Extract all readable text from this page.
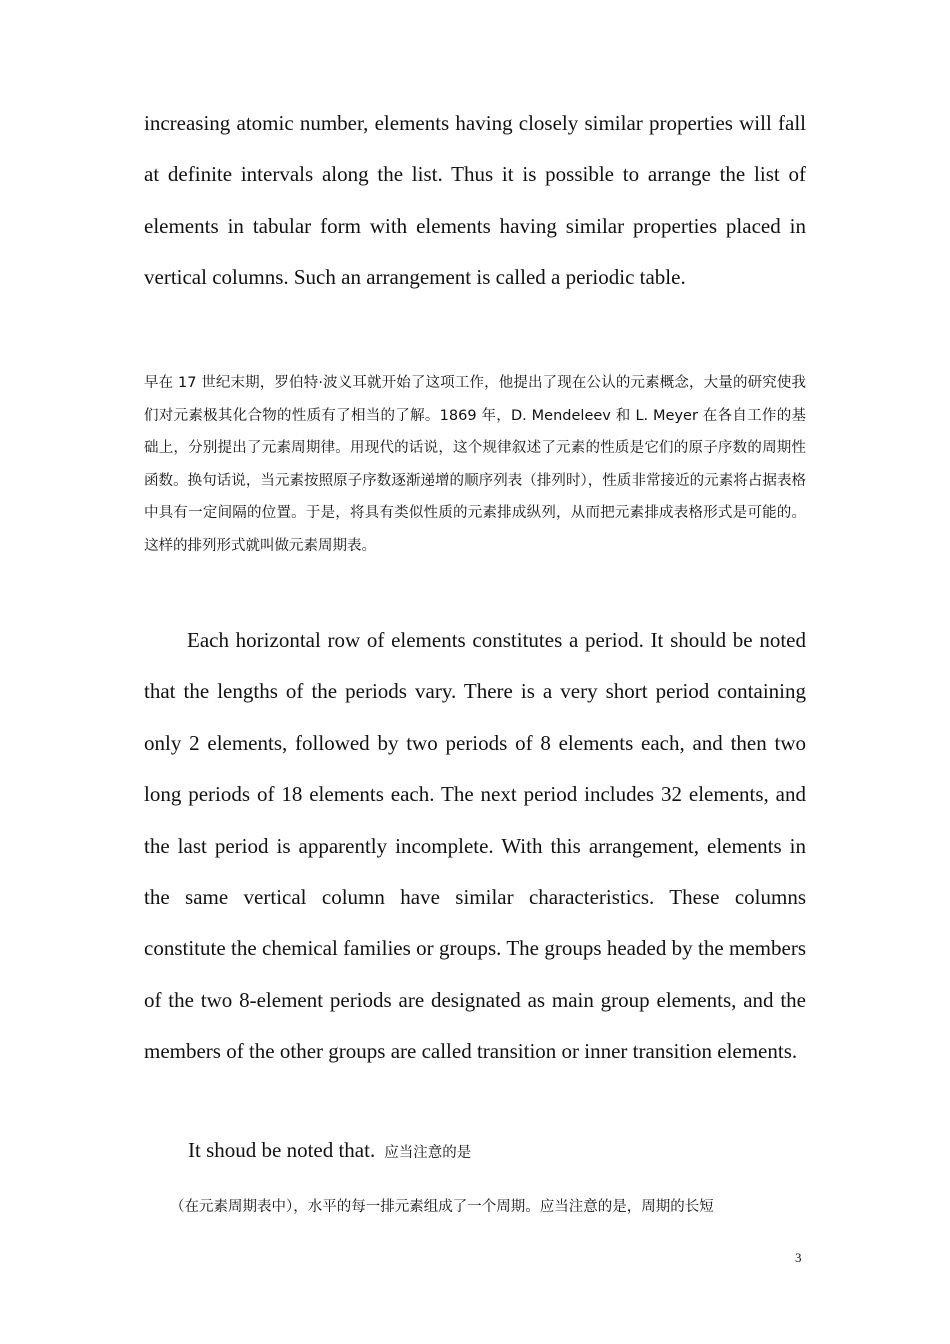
increasing atomic number, elements having closely similar properties will fall at definite intervals along the list. Thus it is possible to arrange the list of elements in tabular form with elements having similar properties placed in vertical columns. Such an arrangement is called a periodic table.

早在 17 世纪末期，罗伯特·波义耳就开始了这项工作，他提出了现在公认的元素概念，大量的研究使我们对元素极其化合物的性质有了相当的了解。1869 年，D. Mendeleev 和 L. Meyer 在各自工作的基础上，分别提出了元素周期律。用现代的话说，这个规律叙述了元素的性质是它们的原子序数的周期性函数。换句话说，当元素按照原子序数逐渐递增的顺序列表（排列时），性质非常接近的元素将占据表格中具有一定间隔的位置。于是，将具有类似性质的元素排成纵列，从而把元素排成表格形式是可能的。这样的排列形式就叫做元素周期表。

Each horizontal row of elements constitutes a period. It should be noted that the lengths of the periods vary. There is a very short period containing only 2 elements, followed by two periods of 8 elements each, and then two long periods of 18 elements each. The next period includes 32 elements, and the last period is apparently incomplete. With this arrangement, elements in the same vertical column have similar characteristics. These columns constitute the chemical families or groups. The groups headed by the members of the two 8-element periods are designated as main group elements, and the members of the other groups are called transition or inner transition elements.

It shoud be noted that. 应当注意的是

（在元素周期表中），水平的每一排元素组成了一个周期。应当注意的是，周期的长短

3
